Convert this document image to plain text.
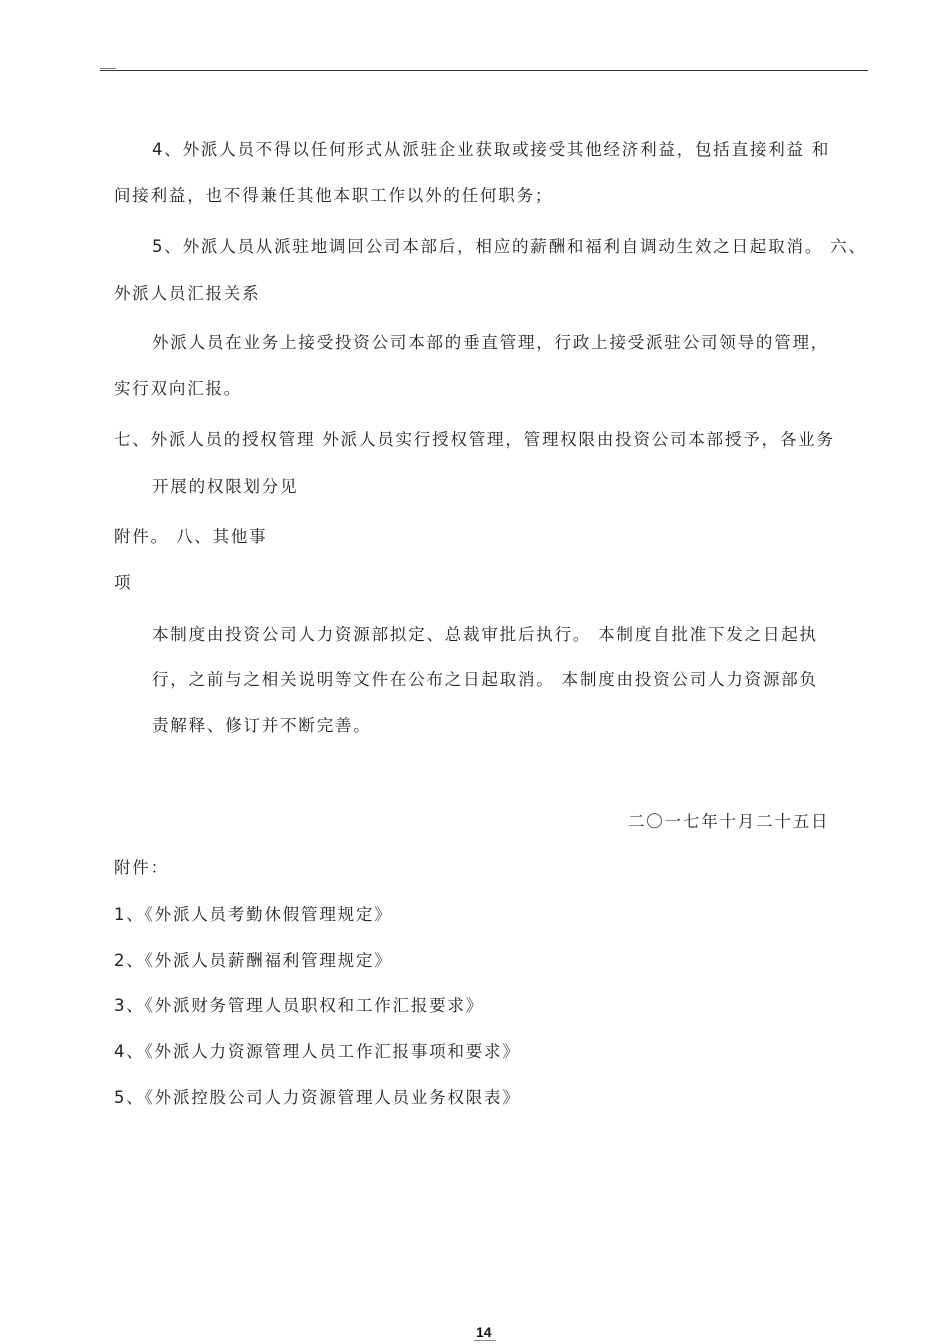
4、外派人员不得以任何形式从派驻企业获取或接受其他经济利益，包括直接利益 和
间接利益，也不得兼任其他本职工作以外的任何职务；
5、外派人员从派驻地调回公司本部后，相应的薪酬和福利自调动生效之日起取消。 六、
外派人员汇报关系
外派人员在业务上接受投资公司本部的垂直管理，行政上接受派驻公司领导的管理，
实行双向汇报。
七、外派人员的授权管理 外派人员实行授权管理，管理权限由投资公司本部授予，各业务
开展的权限划分见
附件。 八、其他事
项
本制度由投资公司人力资源部拟定、总裁审批后执行。 本制度自批准下发之日起执
行，之前与之相关说明等文件在公布之日起取消。 本制度由投资公司人力资源部负
责解释、修订并不断完善。
二〇一七年十月二十五日
附件：
1、《外派人员考勤休假管理规定》
2、《外派人员薪酬福利管理规定》
3、《外派财务管理人员职权和工作汇报要求》
4、《外派人力资源管理人员工作汇报事项和要求》
5、《外派控股公司人力资源管理人员业务权限表》
14
